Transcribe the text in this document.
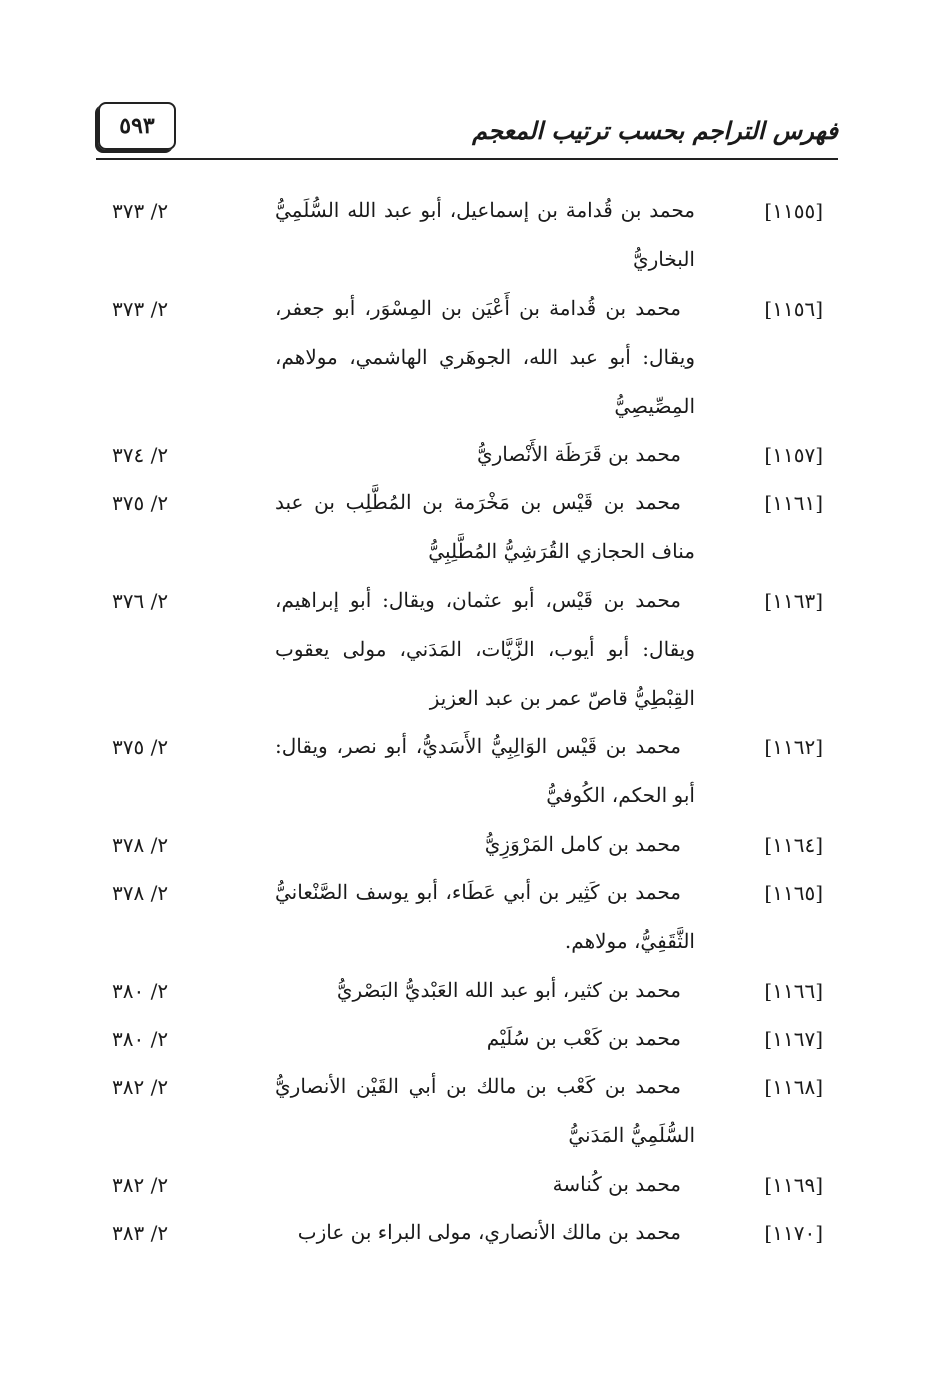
فهرس التراجم بحسب ترتيب المعجم
٥٩٣
[١١٥٥]
محمد بن قُدامة بن إسماعيل، أبو عبد الله السُّلَمِيُّ البخاريُّ
٢/ ٣٧٣
[١١٥٦]
محمد بن قُدامة بن أَعْيَن بن المِسْوَر، أبو جعفر، ويقال: أبو عبد الله، الجوهَري الهاشمي، مولاهم، المِصِّيصِيُّ
٢/ ٣٧٣
[١١٥٧]
محمد بن قَرَظَة الأَنْصاريُّ
٢/ ٣٧٤
[١١٦١]
محمد بن قَيْس بن مَخْرَمة بن المُطَّلِب بن عبد مناف الحجازي القُرَشِيُّ المُطَّلِبِيُّ
٢/ ٣٧٥
[١١٦٣]
محمد بن قَيْس، أبو عثمان، ويقال: أبو إبراهيم، ويقال: أبو أيوب، الزَّيَّات، المَدَني، مولى يعقوب القِبْطِيُّ قاصّ عمر بن عبد العزيز
٢/ ٣٧٦
[١١٦٢]
محمد بن قَيْس الوَالِبِيُّ الأَسَديُّ، أبو نصر، ويقال: أبو الحكم، الكُوفيُّ
٢/ ٣٧٥
[١١٦٤]
محمد بن كامل المَرْوَزِيُّ
٢/ ٣٧٨
[١١٦٥]
محمد بن كَثِير بن أبي عَطَاء، أبو يوسف الصَّنْعانيُّ الثَّقَفِيُّ، مولاهم.
٢/ ٣٧٨
[١١٦٦]
محمد بن كثير، أبو عبد الله العَبْديُّ البَصْريُّ
٢/ ٣٨٠
[١١٦٧]
محمد بن كَعْب بن سُلَيْم
٢/ ٣٨٠
[١١٦٨]
محمد بن كَعْب بن مالك بن أبي القَيْن الأنصاريُّ السُّلَمِيُّ المَدَنيُّ
٢/ ٣٨٢
[١١٦٩]
محمد بن كُناسة
٢/ ٣٨٢
[١١٧٠]
محمد بن مالك الأنصاري، مولى البراء بن عازب
٢/ ٣٨٣
